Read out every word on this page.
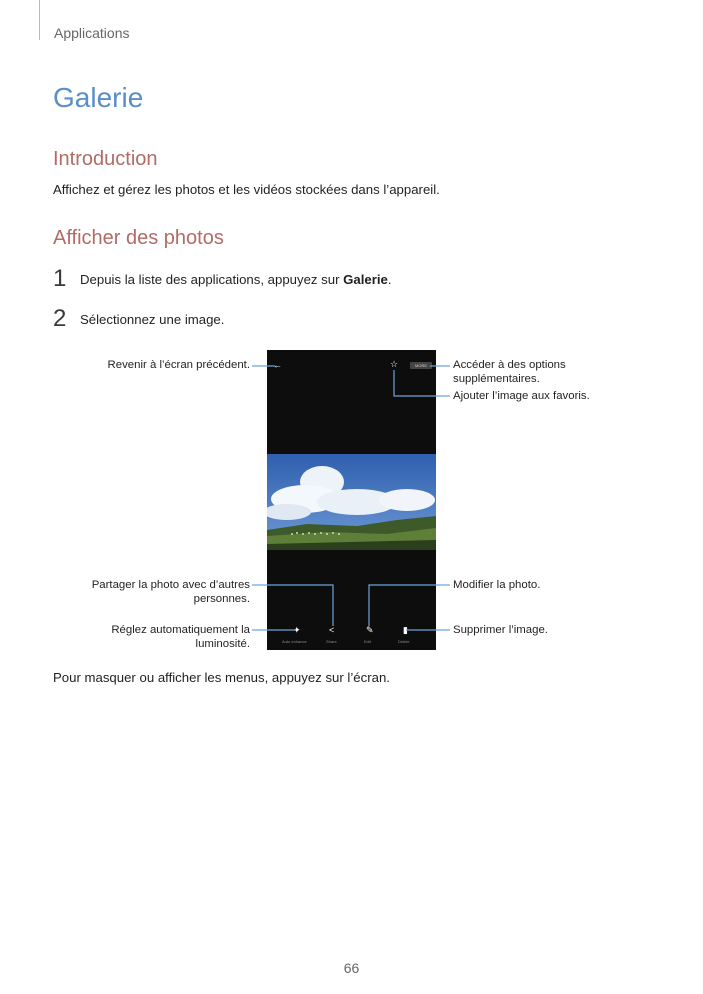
Applications
Galerie
Introduction
Affichez et gérez les photos et les vidéos stockées dans l’appareil.
Afficher des photos
1 Depuis la liste des applications, appuyez sur Galerie.
2 Sélectionnez une image.
←	☆	MORE
✦	<	✎	▮
Auto enhance	Share	Edit	Delete
Revenir à l’écran précédent.
Partager la photo avec d’autres
personnes.
Réglez automatiquement la
luminosité.
Accéder à des options
supplémentaires.
Ajouter l’image aux favoris.
Modifier la photo.
Supprimer l’image.
Pour masquer ou afficher les menus, appuyez sur l’écran.
66
